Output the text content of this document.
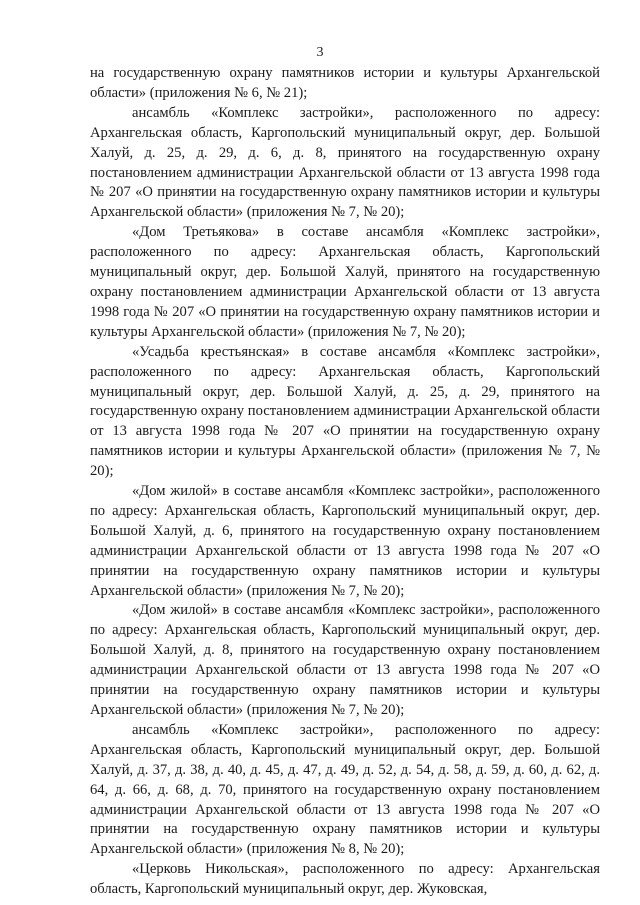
3

на государственную охрану памятников истории и культуры Архангельской области» (приложения № 6, № 21);

ансамбль «Комплекс застройки», расположенного по адресу: Архангельская область, Каргопольский муниципальный округ, дер. Большой Халуй, д. 25, д. 29, д. 6, д. 8, принятого на государственную охрану постановлением администрации Архангельской области от 13 августа 1998 года № 207 «О принятии на государственную охрану памятников истории и культуры Архангельской области» (приложения № 7, № 20);

«Дом Третьякова» в составе ансамбля «Комплекс застройки», расположенного по адресу: Архангельская область, Каргопольский муниципальный округ, дер. Большой Халуй, принятого на государственную охрану постановлением администрации Архангельской области от 13 августа 1998 года № 207 «О принятии на государственную охрану памятников истории и культуры Архангельской области» (приложения № 7, № 20);

«Усадьба крестьянская» в составе ансамбля «Комплекс застройки», расположенного по адресу: Архангельская область, Каргопольский муниципальный округ, дер. Большой Халуй, д. 25, д. 29, принятого на государственную охрану постановлением администрации Архангельской области от 13 августа 1998 года № 207 «О принятии на государственную охрану памятников истории и культуры Архангельской области» (приложения № 7, № 20);

«Дом жилой» в составе ансамбля «Комплекс застройки», расположенного по адресу: Архангельская область, Каргопольский муниципальный округ, дер. Большой Халуй, д. 6, принятого на государственную охрану постановлением администрации Архангельской области от 13 августа 1998 года № 207 «О принятии на государственную охрану памятников истории и культуры Архангельской области» (приложения № 7, № 20);

«Дом жилой» в составе ансамбля «Комплекс застройки», расположенного по адресу: Архангельская область, Каргопольский муниципальный округ, дер. Большой Халуй, д. 8, принятого на государственную охрану постановлением администрации Архангельской области от 13 августа 1998 года № 207 «О принятии на государственную охрану памятников истории и культуры Архангельской области» (приложения № 7, № 20);

ансамбль «Комплекс застройки», расположенного по адресу: Архангельская область, Каргопольский муниципальный округ, дер. Большой Халуй, д. 37, д. 38, д. 40, д. 45, д. 47, д. 49, д. 52, д. 54, д. 58, д. 59, д. 60, д. 62, д. 64, д. 66, д. 68, д. 70, принятого на государственную охрану постановлением администрации Архангельской области от 13 августа 1998 года № 207 «О принятии на государственную охрану памятников истории и культуры Архангельской области» (приложения № 8, № 20);

«Церковь Никольская», расположенного по адресу: Архангельская область, Каргопольский муниципальный округ, дер. Жуковская,
